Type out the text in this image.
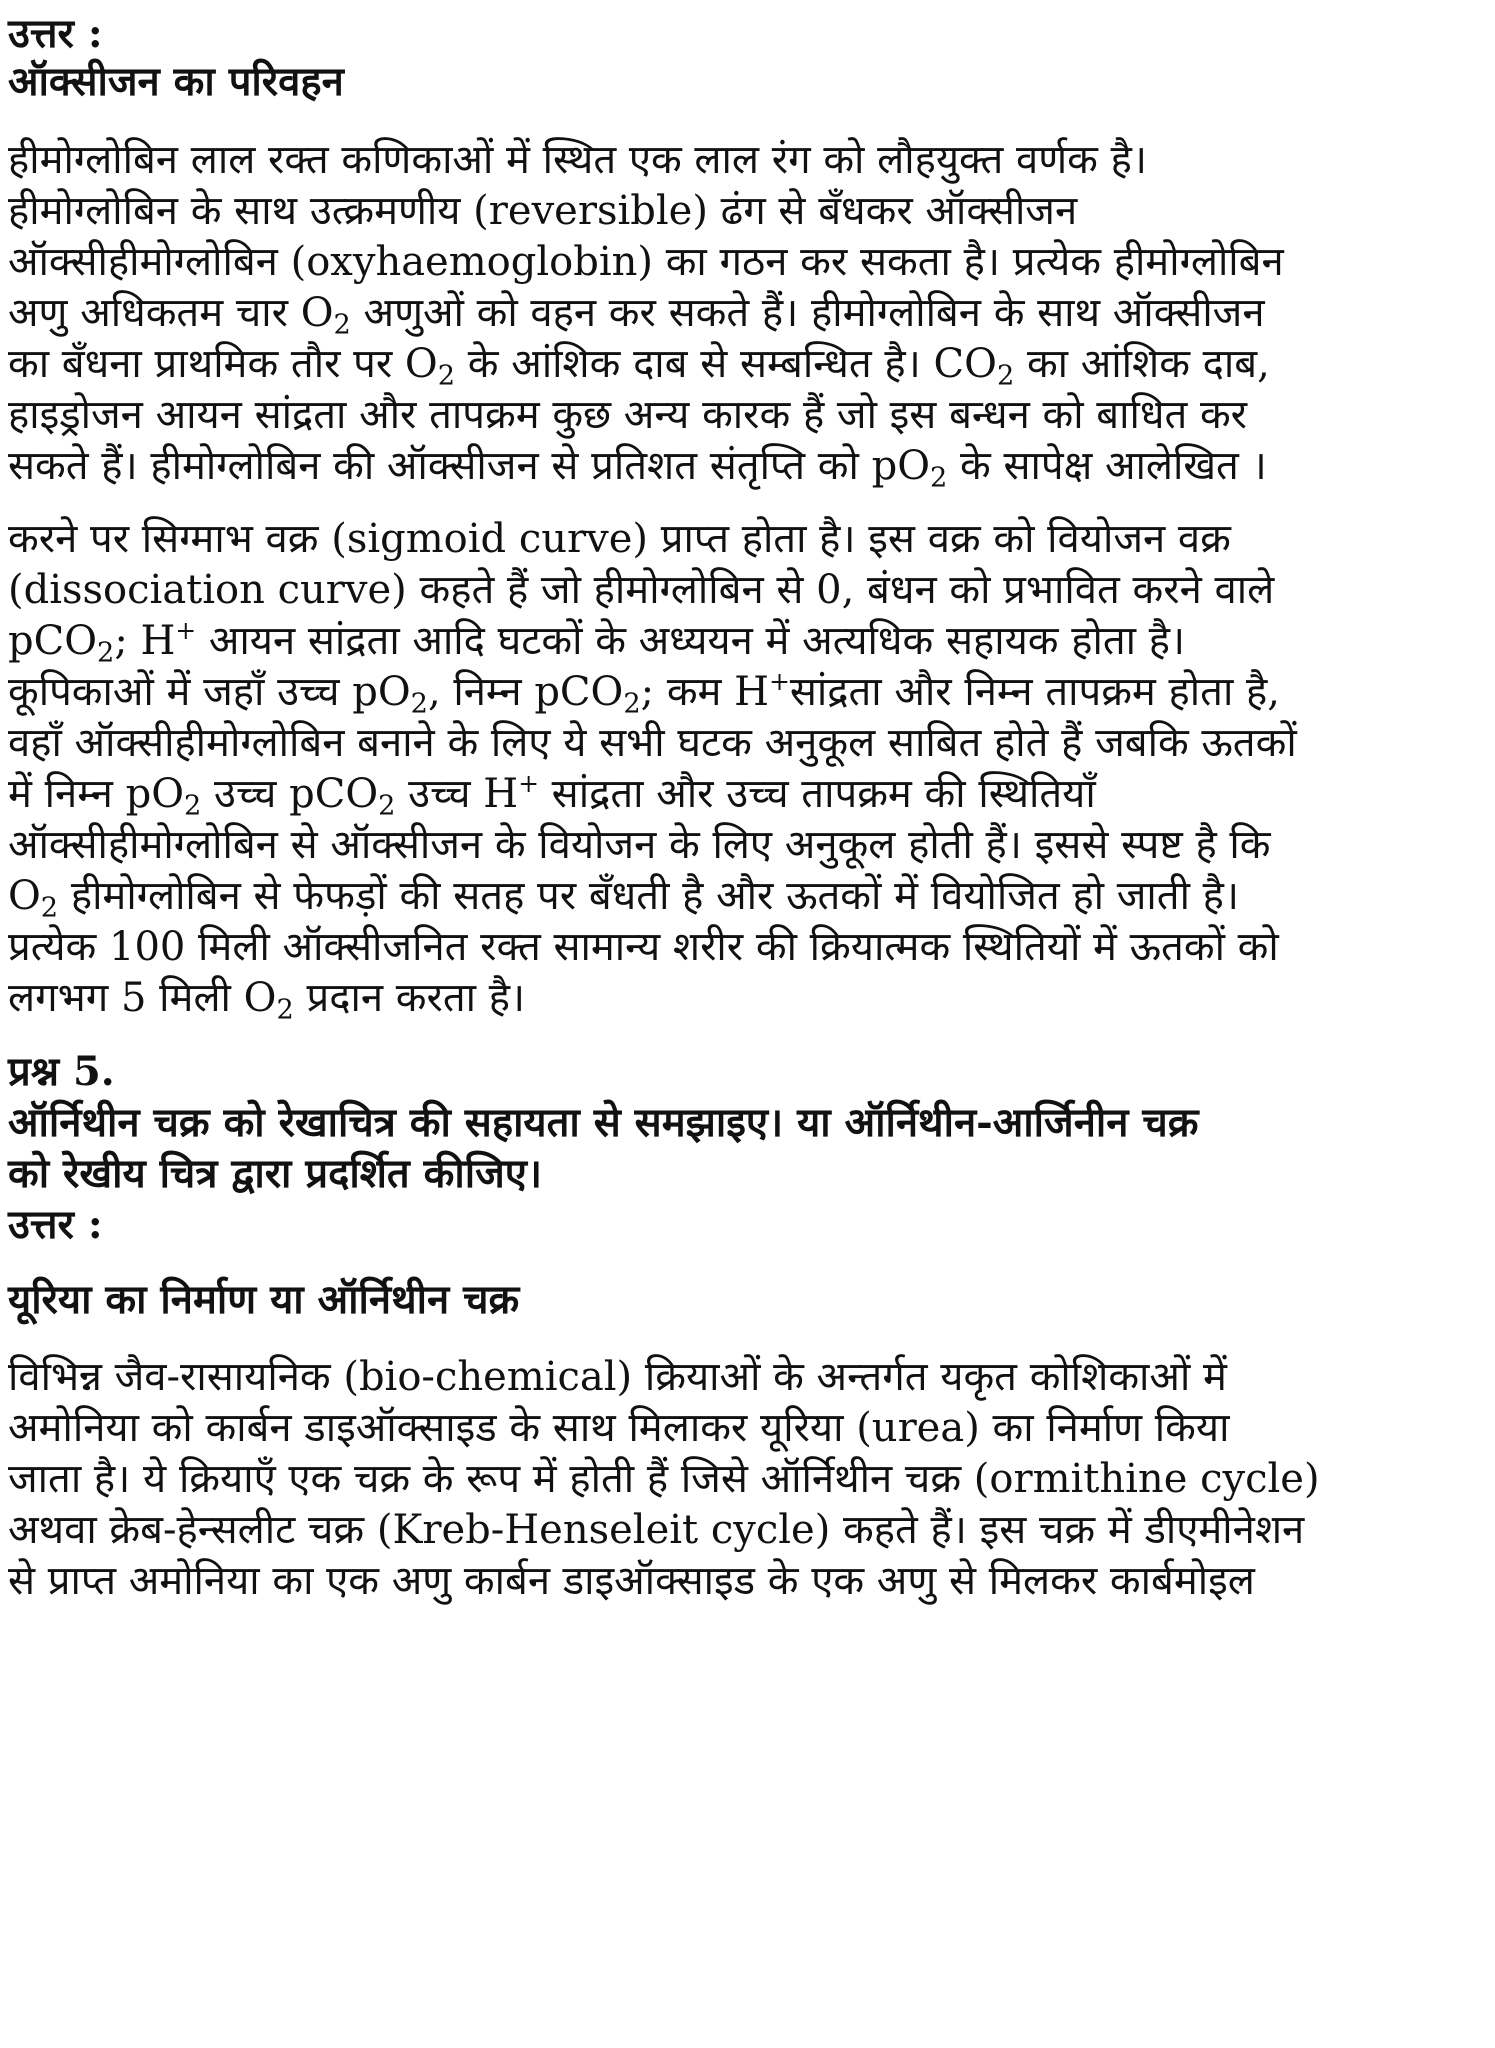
उत्तर :
ऑक्सीजन का परिवहन
हीमोग्लोबिन लाल रक्त कणिकाओं में स्थित एक लाल रंग को लौहयुक्त वर्णक है।
हीमोग्लोबिन के साथ उत्क्रमणीय (reversible) ढंग से बँधकर ऑक्सीजन
ऑक्सीहीमोग्लोबिन (oxyhaemoglobin) का गठन कर सकता है। प्रत्येक हीमोग्लोबिन
अणु अधिकतम चार $O_2$ अणुओं को वहन कर सकते हैं। हीमोग्लोबिन के साथ ऑक्सीजन
का बँधना प्राथमिक तौर पर $O_2$ के आंशिक दाब से सम्बन्धित है। $CO_2$ का आंशिक दाब,
हाइड्रोजन आयन सांद्रता और तापक्रम कुछ अन्य कारक हैं जो इस बन्धन को बाधित कर
सकते हैं। हीमोग्लोबिन की ऑक्सीजन से प्रतिशत संतृप्ति को $pO_2$ के सापेक्ष आलेखित ।
करने पर सिग्माभ वक्र (sigmoid curve) प्राप्त होता है। इस वक्र को वियोजन वक्र
(dissociation curve) कहते हैं जो हीमोग्लोबिन से 0, बंधन को प्रभावित करने वाले
pCO$_2$; H+ आयन सांद्रता आदि घटकों के अध्ययन में अत्यधिक सहायक होता है।
कूपिकाओं में जहाँ उच्च $pO_2$, निम्न pCO$_2$; कम H+सांद्रता और निम्न तापक्रम होता है,
वहाँ ऑक्सीहीमोग्लोबिन बनाने के लिए ये सभी घटक अनुकूल साबित होते हैं जबकि ऊतकों
में निम्न $pO_2$ उच्च pCO$_2$ उच्च H+ सांद्रता और उच्च तापक्रम की स्थितियाँ
ऑक्सीहीमोग्लोबिन से ऑक्सीजन के वियोजन के लिए अनुकूल होती हैं। इससे स्पष्ट है कि
$O_2$ हीमोग्लोबिन से फेफड़ों की सतह पर बँधती है और ऊतकों में वियोजित हो जाती है।
प्रत्येक 100 मिली ऑक्सीजनित रक्त सामान्य शरीर की क्रियात्मक स्थितियों में ऊतकों को
लगभग 5 मिली $O_2$ प्रदान करता है।
प्रश्न 5.
ऑर्निथीन चक्र को रेखाचित्र की सहायता से समझाइए। या ऑर्निथीन-आर्जिनीन चक्र
को रेखीय चित्र द्वारा प्रदर्शित कीजिए।
उत्तर :
यूरिया का निर्माण या ऑर्निथीन चक्र
विभिन्न जैव-रासायनिक (bio-chemical) क्रियाओं के अन्तर्गत यकृत कोशिकाओं में
अमोनिया को कार्बन डाइऑक्साइड के साथ मिलाकर यूरिया (urea) का निर्माण किया
जाता है। ये क्रियाएँ एक चक्र के रूप में होती हैं जिसे ऑर्निथीन चक्र (ormithine cycle)
अथवा क्रेब-हेन्सलीट चक्र (Kreb-Henseleit cycle) कहते हैं। इस चक्र में डीएमीनेशन
से प्राप्त अमोनिया का एक अणु कार्बन डाइऑक्साइड के एक अणु से मिलकर कार्बमोइल
